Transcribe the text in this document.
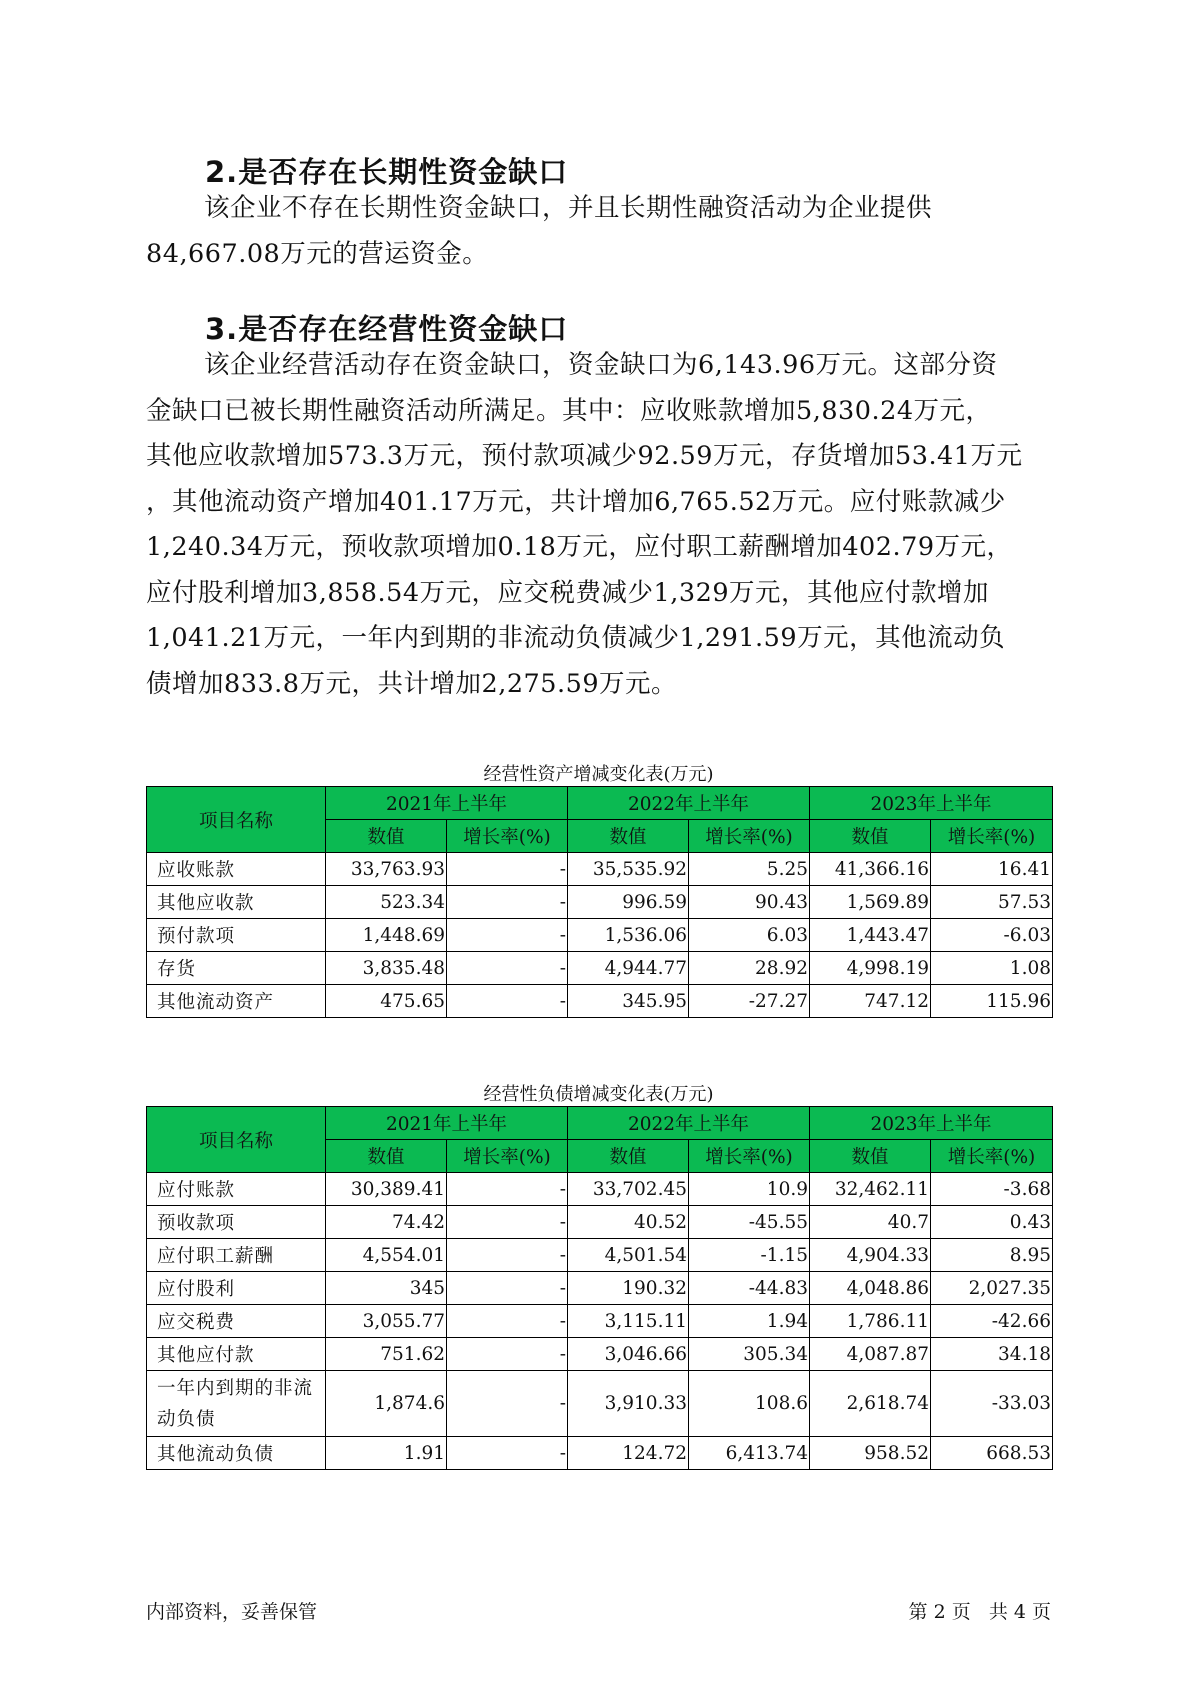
2.是否存在长期性资金缺口
该企业不存在长期性资金缺口，并且长期性融资活动为企业提供
84,667.08万元的营运资金。
3.是否存在经营性资金缺口
该企业经营活动存在资金缺口，资金缺口为6,143.96万元。这部分资
金缺口已被长期性融资活动所满足。其中：应收账款增加5,830.24万元，
其他应收款增加573.3万元，预付款项减少92.59万元，存货增加53.41万元
，其他流动资产增加401.17万元，共计增加6,765.52万元。应付账款减少
1,240.34万元，预收款项增加0.18万元，应付职工薪酬增加402.79万元，
应付股利增加3,858.54万元，应交税费减少1,329万元，其他应付款增加
1,041.21万元，一年内到期的非流动负债减少1,291.59万元，其他流动负
债增加833.8万元，共计增加2,275.59万元。
经营性资产增减变化表(万元)
项目名称	2021年上半年		2022年上半年		2023年上半年	
	数值	增长率(%)	数值	增长率(%)	数值	增长率(%)
应收账款	33,763.93	-	35,535.92	5.25	41,366.16	16.41
其他应收款	523.34	-	996.59	90.43	1,569.89	57.53
预付款项	1,448.69	-	1,536.06	6.03	1,443.47	-6.03
存货	3,835.48	-	4,944.77	28.92	4,998.19	1.08
其他流动资产	475.65	-	345.95	-27.27	747.12	115.96
经营性负债增减变化表(万元)
项目名称	2021年上半年		2022年上半年		2023年上半年	
	数值	增长率(%)	数值	增长率(%)	数值	增长率(%)
应付账款	30,389.41	-	33,702.45	10.9	32,462.11	-3.68
预收款项	74.42	-	40.52	-45.55	40.7	0.43
应付职工薪酬	4,554.01	-	4,501.54	-1.15	4,904.33	8.95
应付股利	345	-	190.32	-44.83	4,048.86	2,027.35
应交税费	3,055.77	-	3,115.11	1.94	1,786.11	-42.66
其他应付款	751.62	-	3,046.66	305.34	4,087.87	34.18
一年内到期的非流动负债	1,874.6	-	3,910.33	108.6	2,618.74	-33.03
其他流动负债	1.91	-	124.72	6,413.74	958.52	668.53
内部资料，妥善保管	第 2 页   共 4 页
